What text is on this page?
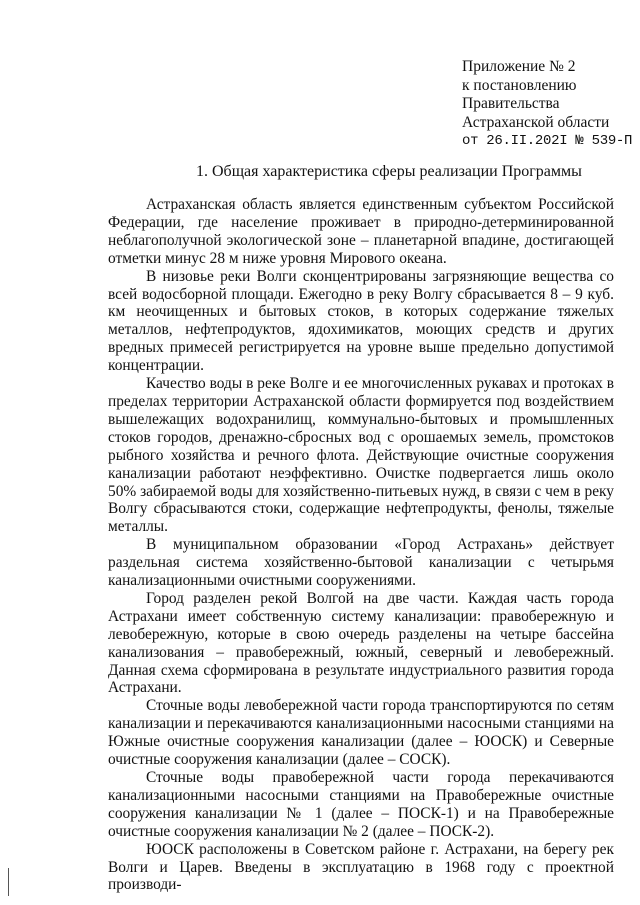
Приложение № 2
к постановлению
Правительства
Астраханской области
от 26.II.202I № 539-П
1. Общая характеристика сферы реализации Программы

Астраханская область является единственным субъектом Российской Федерации, где население проживает в природно-детерминированной неблагополучной экологической зоне – планетарной впадине, достигающей отметки минус 28 м ниже уровня Мирового океана.

В низовье реки Волги сконцентрированы загрязняющие вещества со всей водосборной площади. Ежегодно в реку Волгу сбрасывается 8 – 9 куб. км неочищенных и бытовых стоков, в которых содержание тяжелых металлов, нефтепродуктов, ядохимикатов, моющих средств и других вредных примесей регистрируется на уровне выше предельно допустимой концентрации.

Качество воды в реке Волге и ее многочисленных рукавах и протоках в пределах территории Астраханской области формируется под воздействием вышележащих водохранилищ, коммунально-бытовых и промышленных стоков городов, дренажно-сбросных вод с орошаемых земель, промстоков рыбного хозяйства и речного флота. Действующие очистные сооружения канализации работают неэффективно. Очистке подвергается лишь около 50% забираемой воды для хозяйственно-питьевых нужд, в связи с чем в реку Волгу сбрасываются стоки, содержащие нефтепродукты, фенолы, тяжелые металлы.

В муниципальном образовании «Город Астрахань» действует раздельная система хозяйственно-бытовой канализации с четырьмя канализационными очистными сооружениями.

Город разделен рекой Волгой на две части. Каждая часть города Астрахани имеет собственную систему канализации: правобережную и левобережную, которые в свою очередь разделены на четыре бассейна канализования – правобережный, южный, северный и левобережный. Данная схема сформирована в результате индустриального развития города Астрахани.

Сточные воды левобережной части города транспортируются по сетям канализации и перекачиваются канализационными насосными станциями на Южные очистные сооружения канализации (далее – ЮОСК) и Северные очистные сооружения канализации (далее – СОСК).

Сточные воды правобережной части города перекачиваются канализационными насосными станциями на Правобережные очистные сооружения канализации № 1 (далее – ПОСК-1) и на Правобережные очистные сооружения канализации № 2 (далее – ПОСК-2).

ЮОСК расположены в Советском районе г. Астрахани, на берегу рек Волги и Царев. Введены в эксплуатацию в 1968 году с проектной производи-
